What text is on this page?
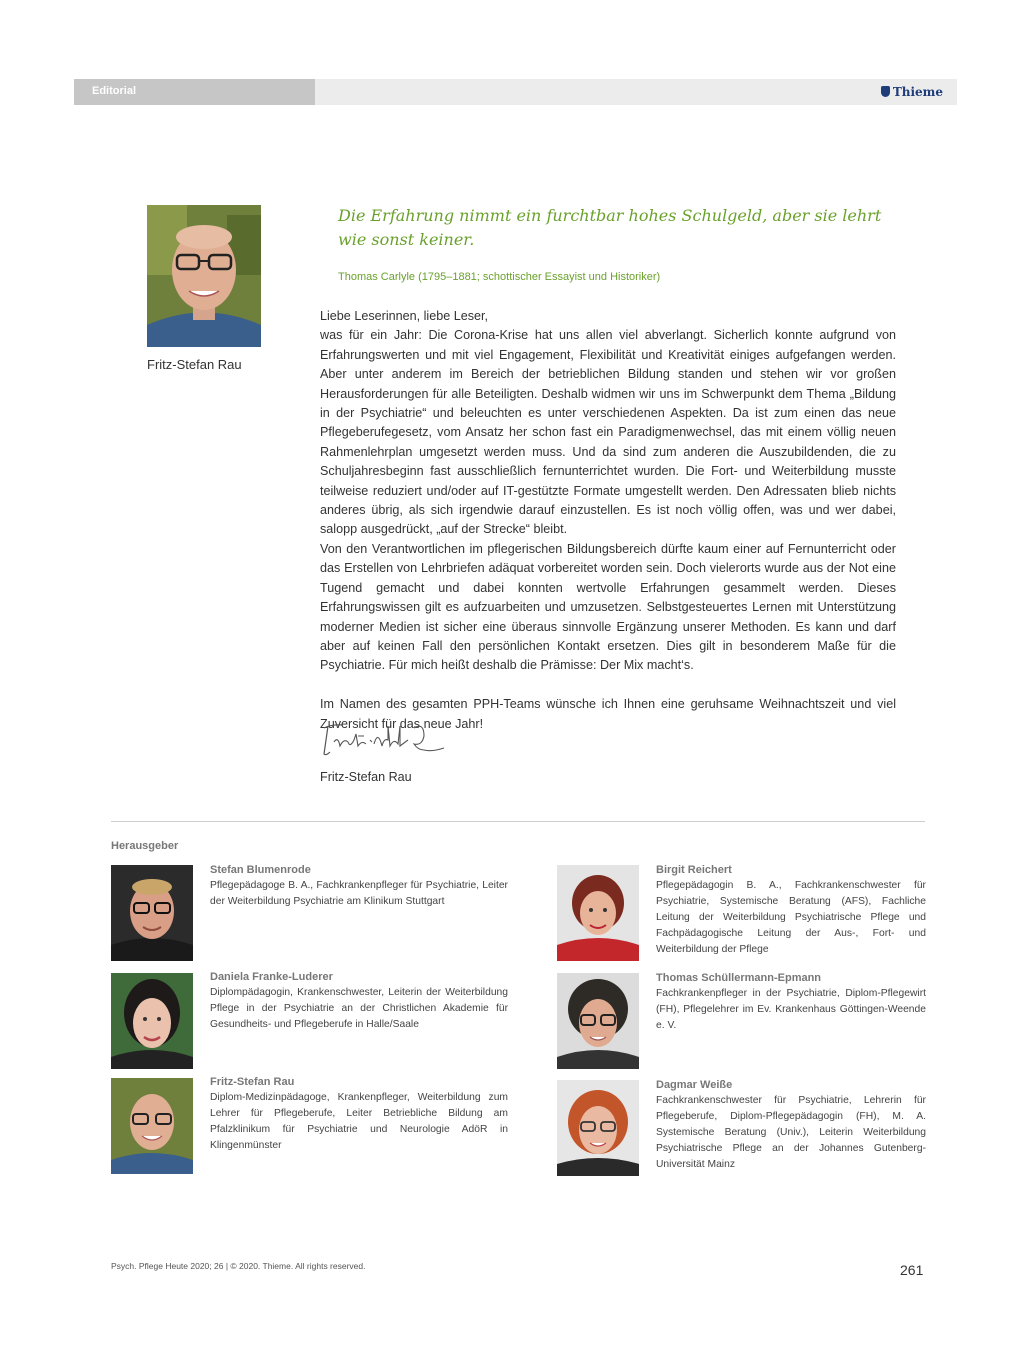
Editorial	Thieme
Fritz-Stefan Rau
Die Erfahrung nimmt ein furchtbar hohes Schulgeld, aber sie lehrt wie sonst keiner.
Thomas Carlyle (1795–1881; schottischer Essayist und Historiker)

Liebe Leserinnen, liebe Leser,

was für ein Jahr: Die Corona-Krise hat uns allen viel abverlangt. Sicherlich konnte aufgrund von Erfahrungswerten und mit viel Engagement, Flexibilität und Kreativität einiges aufgefangen werden. Aber unter anderem im Bereich der betrieblichen Bildung standen und stehen wir vor großen Herausforderungen für alle Beteiligten. Deshalb widmen wir uns im Schwerpunkt dem Thema „Bildung in der Psychiatrie“ und beleuchten es unter verschiedenen Aspekten. Da ist zum einen das neue Pflegeberufegesetz, vom Ansatz her schon fast ein Paradigmenwechsel, das mit einem völlig neuen Rahmenlehrplan umgesetzt werden muss. Und da sind zum anderen die Auszubildenden, die zu Schuljahresbeginn fast ausschließlich fernunterrichtet wurden. Die Fort- und Weiterbildung musste teilweise reduziert und/oder auf IT-gestützte Formate umgestellt werden. Den Adressaten blieb nichts anderes übrig, als sich irgendwie darauf einzustellen. Es ist noch völlig offen, was und wer dabei, salopp ausgedrückt, „auf der Strecke“ bleibt.

Von den Verantwortlichen im pflegerischen Bildungsbereich dürfte kaum einer auf Fernunterricht oder das Erstellen von Lehrbriefen adäquat vorbereitet worden sein. Doch vielerorts wurde aus der Not eine Tugend gemacht und dabei konnten wertvolle Erfahrungen gesammelt werden. Dieses Erfahrungswissen gilt es aufzuarbeiten und umzusetzen. Selbstgesteuertes Lernen mit Unterstützung moderner Medien ist sicher eine überaus sinnvolle Ergänzung unserer Methoden. Es kann und darf aber auf keinen Fall den persönlichen Kontakt ersetzen. Dies gilt in besonderem Maße für die Psychiatrie. Für mich heißt deshalb die Prämisse: Der Mix macht‘s.

Im Namen des gesamten PPH-Teams wünsche ich Ihnen eine geruhsame Weihnachtszeit und viel Zuversicht für das neue Jahr!

Fritz-Stefan Rau
Herausgeber
Stefan Blumenrode
Pflegepädagoge B. A., Fachkrankenpfleger für Psychiatrie, Leiter der Weiterbildung Psychiatrie am Klinikum Stuttgart
Daniela Franke-Luderer
Diplompädagogin, Krankenschwester, Leiterin der Weiterbildung Pflege in der Psychiatrie an der Christlichen Akademie für Gesundheits- und Pflegeberufe in Halle/Saale
Fritz-Stefan Rau
Diplom-Medizinpädagoge, Krankenpfleger, Weiterbildung zum Lehrer für Pflegeberufe, Leiter Betriebliche Bildung am Pfalzklinikum für Psychiatrie und Neurologie AdöR in Klingenmünster
Birgit Reichert
Pflegepädagogin B. A., Fachkrankenschwester für Psychiatrie, Systemische Beratung (AFS), Fachliche Leitung der Weiterbildung Psychiatrische Pflege und Fachpädagogische Leitung der Aus-, Fort- und Weiterbildung der Pflege
Thomas Schüllermann-Epmann
Fachkrankenpfleger in der Psychiatrie, Diplom-Pflegewirt (FH), Pflegelehrer im Ev. Krankenhaus Göttingen-Weende e. V.
Dagmar Weiße
Fachkrankenschwester für Psychiatrie, Lehrerin für Pflegeberufe, Diplom-Pflegepädagogin (FH), M. A. Systemische Beratung (Univ.), Leiterin Weiterbildung Psychiatrische Pflege an der Johannes Gutenberg-Universität Mainz
Psych. Pflege Heute 2020; 26 | © 2020. Thieme. All rights reserved.	261
